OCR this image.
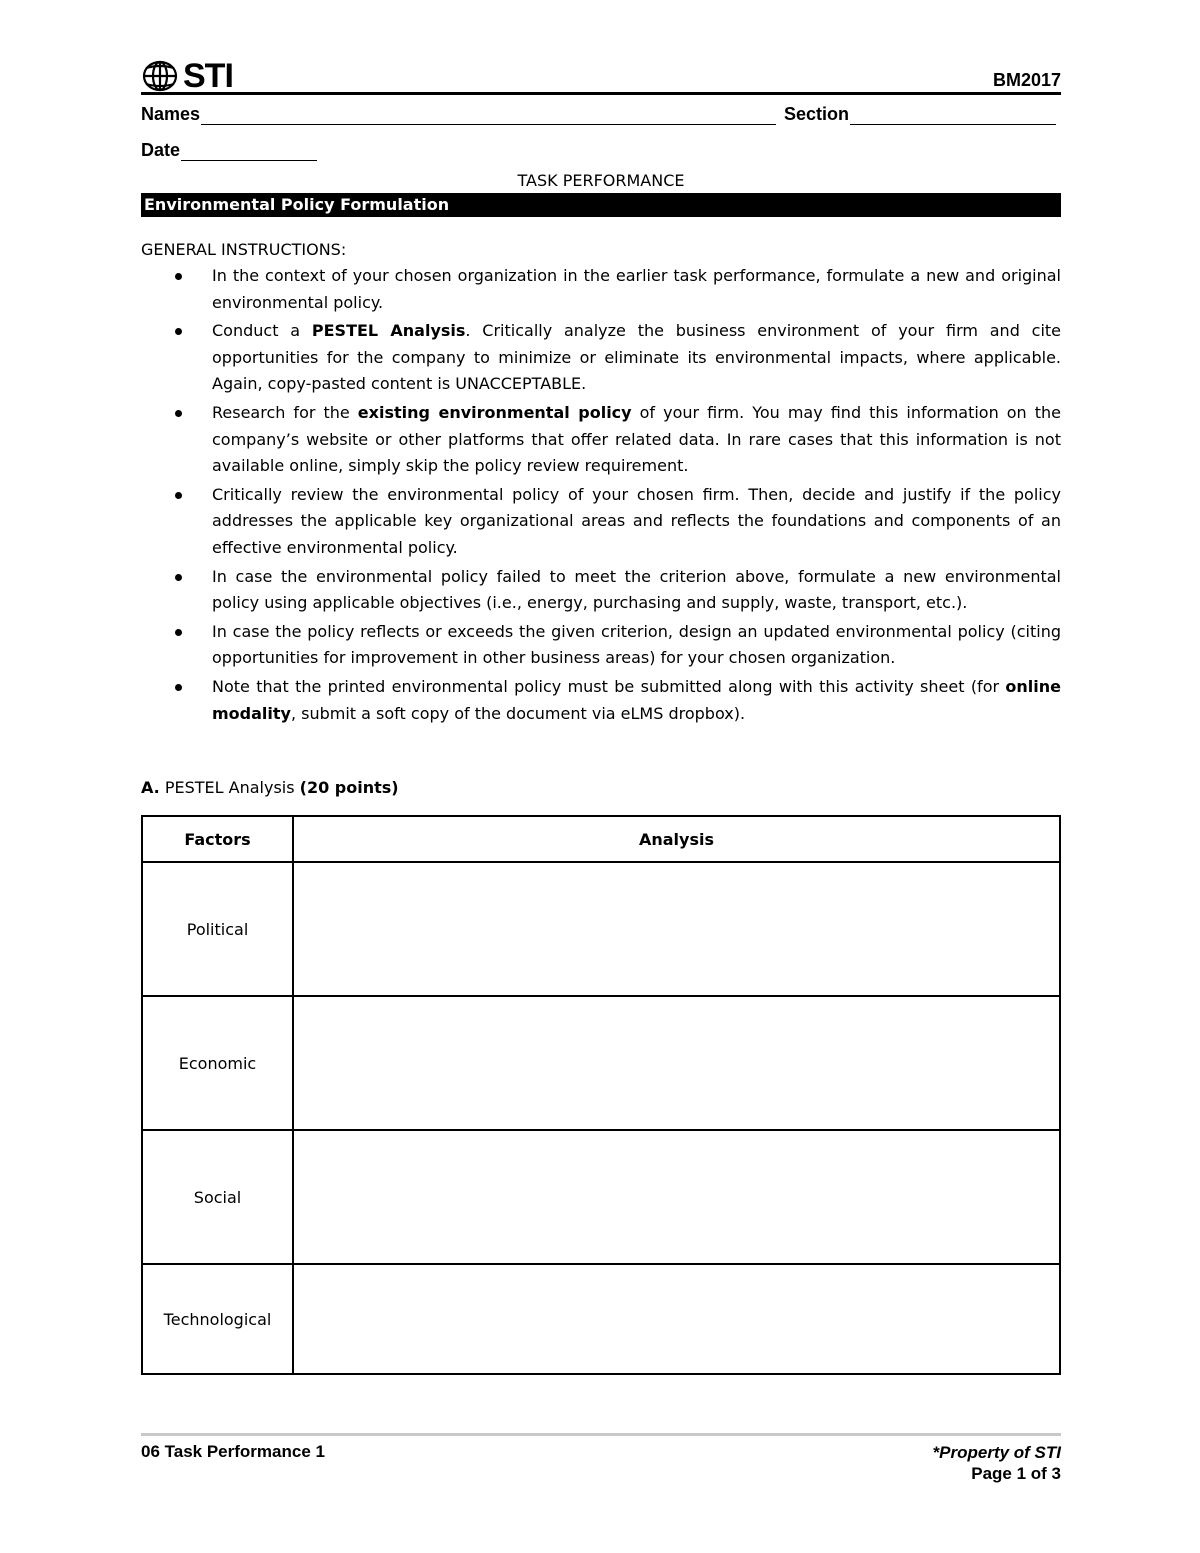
STI	BM2017
Names	Section
Date
TASK PERFORMANCE
Environmental Policy Formulation
GENERAL INSTRUCTIONS:
In the context of your chosen organization in the earlier task performance, formulate a new and original environmental policy.
Conduct a PESTEL Analysis. Critically analyze the business environment of your firm and cite opportunities for the company to minimize or eliminate its environmental impacts, where applicable. Again, copy-pasted content is UNACCEPTABLE.
Research for the existing environmental policy of your firm. You may find this information on the company’s website or other platforms that offer related data. In rare cases that this information is not available online, simply skip the policy review requirement.
Critically review the environmental policy of your chosen firm. Then, decide and justify if the policy addresses the applicable key organizational areas and reflects the foundations and components of an effective environmental policy.
In case the environmental policy failed to meet the criterion above, formulate a new environmental policy using applicable objectives (i.e., energy, purchasing and supply, waste, transport, etc.).
In case the policy reflects or exceeds the given criterion, design an updated environmental policy (citing opportunities for improvement in other business areas) for your chosen organization.
Note that the printed environmental policy must be submitted along with this activity sheet (for online modality, submit a soft copy of the document via eLMS dropbox).
A. PESTEL Analysis (20 points)
Factors	Analysis
Political	
Economic	
Social	
Technological	
06 Task Performance 1	*Property of STI
Page 1 of 3
